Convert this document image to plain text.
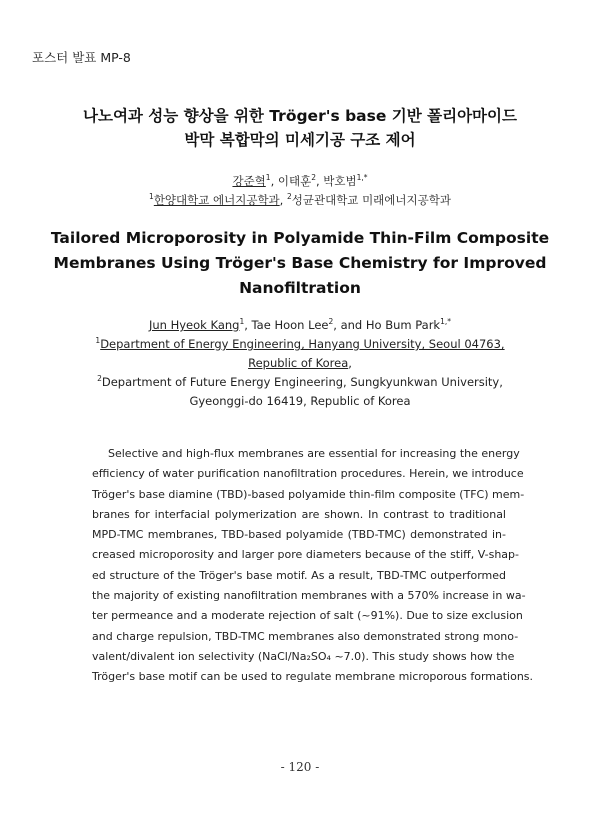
포스터 발표 MP-8
나노여과 성능 향상을 위한 Tröger's base 기반 폴리아마이드
박막 복합막의 미세기공 구조 제어
강준혁$^1$, 이태훈$^2$, 박호범$^{1,*}$
$^1$한양대학교 에너지공학과, $^2$성균관대학교 미래에너지공학과
Tailored Microporosity in Polyamide Thin-Film Composite
Membranes Using Tröger's Base Chemistry for Improved
Nanofiltration
Jun Hyeok Kang$^1$, Tae Hoon Lee$^2$, and Ho Bum Park$^{1,*}$
$^1$Department of Energy Engineering, Hanyang University, Seoul 04763,
Republic of Korea,
$^2$Department of Future Energy Engineering, Sungkyunkwan University,
Gyeonggi-do 16419, Republic of Korea
Selective and high-flux membranes are essential for increasing the energy
efficiency of water purification nanofiltration procedures. Herein, we introduce
Tröger's base diamine (TBD)-based polyamide thin-film composite (TFC) mem-
branes for interfacial polymerization are shown. In contrast to traditional
MPD-TMC membranes, TBD-based polyamide (TBD-TMC) demonstrated in-
creased microporosity and larger pore diameters because of the stiff, V-shap-
ed structure of the Tröger's base motif. As a result, TBD-TMC outperformed
the majority of existing nanofiltration membranes with a 570% increase in wa-
ter permeance and a moderate rejection of salt (~91%). Due to size exclusion
and charge repulsion, TBD-TMC membranes also demonstrated strong mono-
valent/divalent ion selectivity (NaCl/Na₂SO₄ ~7.0). This study shows how the
Tröger's base motif can be used to regulate membrane microporous formations.
- 120 -
